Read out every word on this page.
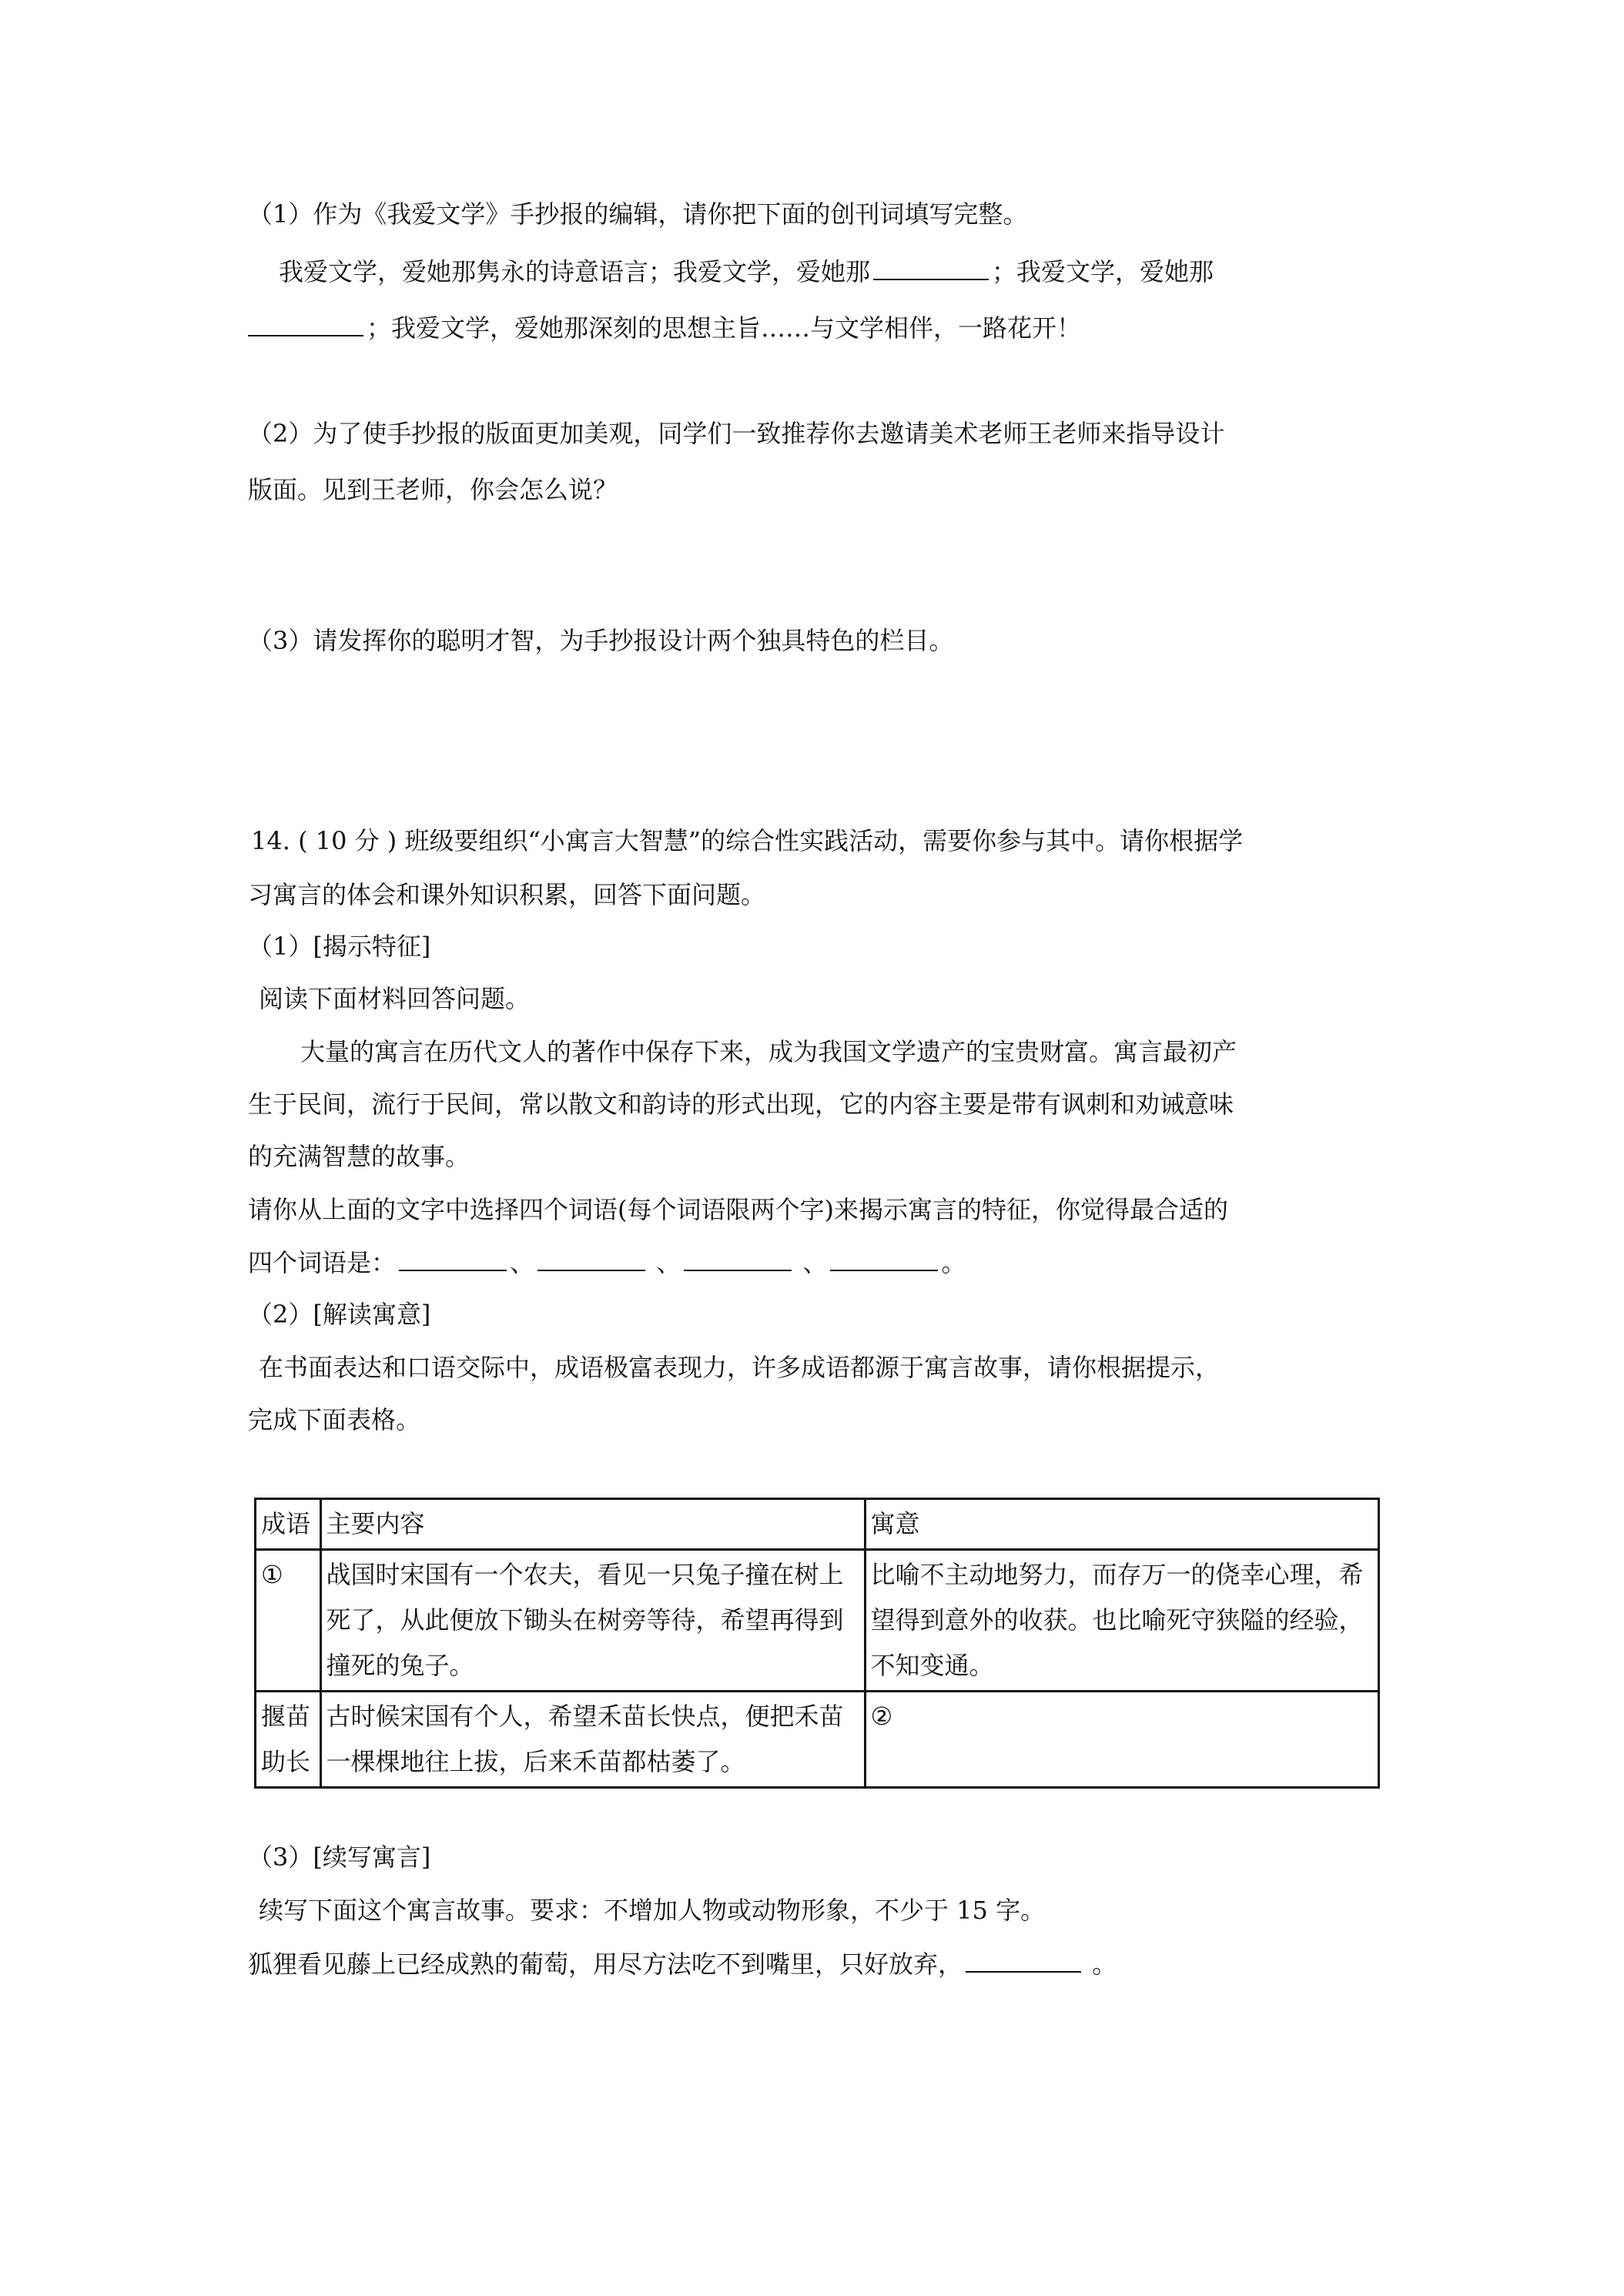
（1）作为《我爱文学》手抄报的编辑，请你把下面的创刊词填写完整。
我爱文学，爱她那隽永的诗意语言；我爱文学，爱她那	；我爱文学，爱她那
；我爱文学，爱她那深刻的思想主旨……与文学相伴，一路花开！
（2）为了使手抄报的版面更加美观，同学们一致推荐你去邀请美术老师王老师来指导设计
版面。见到王老师，你会怎么说？
（3）请发挥你的聪明才智，为手抄报设计两个独具特色的栏目。
14. ( 10 分 ) 班级要组织“小寓言大智慧”的综合性实践活动，需要你参与其中。请你根据学
习寓言的体会和课外知识积累，回答下面问题。
（1）[揭示特征]
阅读下面材料回答问题。
大量的寓言在历代文人的著作中保存下来，成为我国文学遗产的宝贵财富。寓言最初产
生于民间，流行于民间，常以散文和韵诗的形式出现，它的内容主要是带有讽刺和劝诫意味
的充满智慧的故事。
请你从上面的文字中选择四个词语(每个词语限两个字)来揭示寓言的特征，你觉得最合适的
四个词语是：	、	、	、	。
（2）[解读寓意]
在书面表达和口语交际中，成语极富表现力，许多成语都源于寓言故事，请你根据提示，
完成下面表格。
成语	主要内容	寓意
①	战国时宋国有一个农夫，看见一只兔子撞在树上死了，从此便放下锄头在树旁等待，希望再得到撞死的兔子。	比喻不主动地努力，而存万一的侥幸心理，希望得到意外的收获。也比喻死守狭隘的经验，不知变通。
揠苗助长	古时候宋国有个人，希望禾苗长快点，便把禾苗一棵棵地往上拔，后来禾苗都枯萎了。	②
（3）[续写寓言]
续写下面这个寓言故事。要求：不增加人物或动物形象，不少于 15 字。
狐狸看见藤上已经成熟的葡萄，用尽方法吃不到嘴里，只好放弃，	。
